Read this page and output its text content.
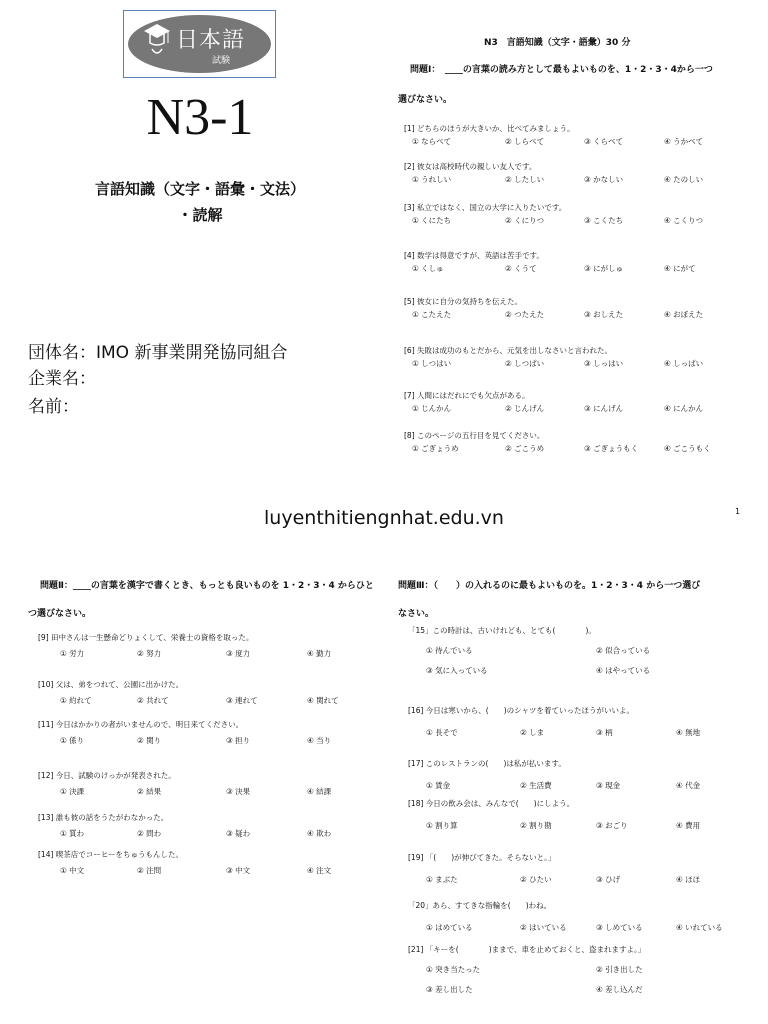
日本語
試験
N3-1
言語知識（文字・語彙・文法）
・読解
団体名：IMO 新事業開発協同組合
企業名：
名前：
N3　言語知識（文字・語彙）30 分
問題Ⅰ：　____の言葉の読み方として最もよいものを、1・2・3・4から一つ
選びなさい。
luyenthitiengnhat.edu.vn	1
問題Ⅱ：____の言葉を漢字で書くとき、もっとも良いものを 1・2・3・4 からひと
つ選びなさい。
問題Ⅲ：（　　）の入れるのに最もよいものを。1・2・3・4 から一つ選び
なさい。
[1] どちらのほうが大きいか、比べてみましょう。
① ならべて	② しらべて	③ くらべて	④ うかべて
[2] 彼女は高校時代の親しい友人です。
① うれしい	② したしい	③ かなしい	④ たのしい
[3] 私立ではなく、国立の大学に入りたいです。
① くにたち	② くにりつ	③ こくたち	④ こくりつ
[4] 数学は得意ですが、英語は苦手です。
① くしゅ	② くうて	③ にがしゅ	④ にがて
[5] 彼女に自分の気持ちを伝えた。
① こたえた	② つたえた	③ おしえた	④ おぼえた
[6] 失敗は成功のもとだから、元気を出しなさいと言われた。
① しつはい	② しつぱい	③ しっはい	④ しっぱい
[7] 人間にはだれにでも欠点がある。
① じんかん	② じんげん	③ にんげん	④ にんかん
[8] このページの五行目を見てください。
① ごぎょうめ	② ごこうめ	③ ごぎょうもく	④ ごこうもく
[9] 田中さんは一生懸命どりょくして、栄養士の資格を取った。
① 労力	② 努力	③ 度力	④ 勤力
[10] 父は、弟をつれて、公園に出かけた。
① 約れて	② 共れて	③ 連れて	④ 関れて
[11] 今日はかかりの者がいませんので、明日来てください。
① 係り	② 関り	③ 担り	④ 当り
[12] 今日、試験のけっかが発表された。
① 決課	② 結果	③ 決果	④ 結課
[13] 誰も彼の話をうたがわなかった。
① 質わ	② 問わ	③ 疑わ	④ 欺わ
[14] 喫茶店でコーヒーをちゅうもんした。
① 中文	② 注問	③ 中文	④ 注文
「15」この時計は、古いけれども、とても(　　　　)。
① 待んでいる	② 似合っている
③ 気に入っている	④ はやっている
[16] 今日は寒いから、(　　)のシャツを着ていったほうがいいよ。
① 長そで	② しま	③ 柄	④ 無地
[17] このレストランの(　　)は私が払います。
① 賃金	② 生活費	③ 現金	④ 代金
[18] 今日の飲み会は、みんなで(　　)にしよう。
① 割り算	② 割り勘	③ おごり	④ 費用
[19] 「(　　)が伸びてきた。そらないと。」
① まぶた	② ひたい	③ ひげ	④ ほほ
「20」あら、すてきな指輪を(　　)わね。
① はめている	② はいている	③ しめている	④ いれている
[21] 「キーを(　　　　)ままで、車を止めておくと、盗まれますよ。」
① 突き当たった	② 引き出した
③ 差し出した	④ 差し込んだ
